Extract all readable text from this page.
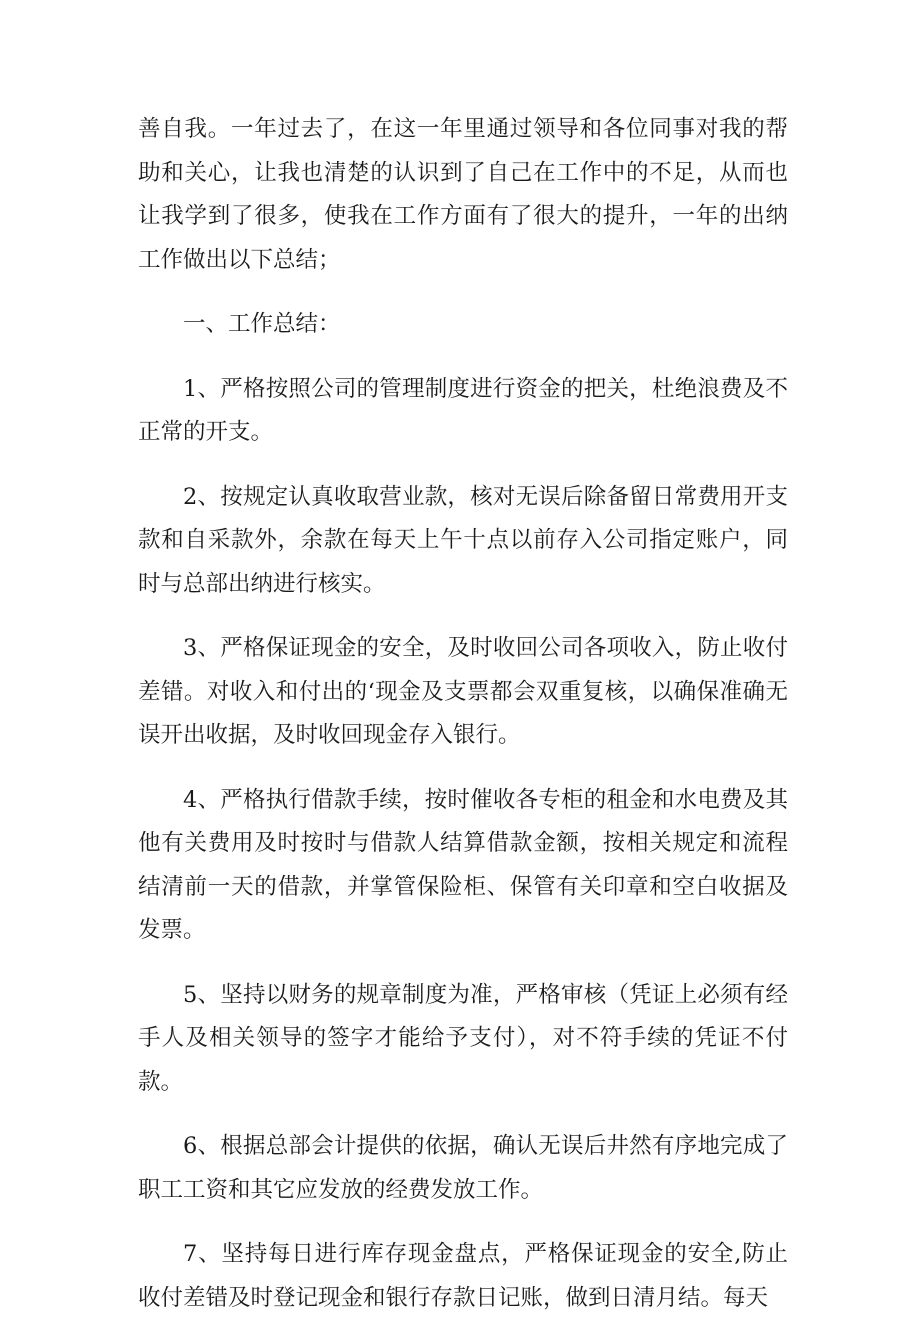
善自我。一年过去了，在这一年里通过领导和各位同事对我的帮助和关心，让我也清楚的认识到了自己在工作中的不足，从而也让我学到了很多，使我在工作方面有了很大的提升，一年的出纳工作做出以下总结；

一、工作总结：

1、严格按照公司的管理制度进行资金的把关，杜绝浪费及不正常的开支。

2、按规定认真收取营业款，核对无误后除备留日常费用开支款和自采款外，余款在每天上午十点以前存入公司指定账户，同时与总部出纳进行核实。

3、严格保证现金的安全，及时收回公司各项收入，防止收付差错。对收入和付出的‘现金及支票都会双重复核，以确保准确无误开出收据，及时收回现金存入银行。

4、严格执行借款手续，按时催收各专柜的租金和水电费及其他有关费用及时按时与借款人结算借款金额，按相关规定和流程结清前一天的借款，并掌管保险柜、保管有关印章和空白收据及发票。

5、坚持以财务的规章制度为准，严格审核（凭证上必须有经手人及相关领导的签字才能给予支付），对不符手续的凭证不付款。

6、根据总部会计提供的依据，确认无误后井然有序地完成了职工工资和其它应发放的经费发放工作。

7、坚持每日进行库存现金盘点，严格保证现金的安全,防止收付差错及时登记现金和银行存款日记账，做到日清月结。每天
